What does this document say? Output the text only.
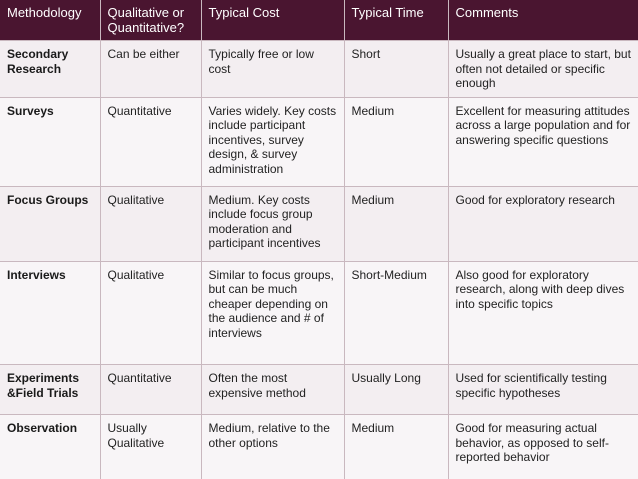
Methodology	Qualitative or Quantitative?	Typical Cost	Typical Time	Comments
Secondary Research	Can be either	Typically free or low cost	Short	Usually a great place to start, but often not detailed or specific enough
Surveys	Quantitative	Varies widely. Key costs include participant incentives, survey design, & survey administration	Medium	Excellent for measuring attitudes across a large population and for answering specific questions
Focus Groups	Qualitative	Medium. Key costs include focus group moderation and participant incentives	Medium	Good for exploratory research
Interviews	Qualitative	Similar to focus groups, but can be much cheaper depending on the audience and # of interviews	Short-Medium	Also good for exploratory research, along with deep dives into specific topics
Experiments &Field Trials	Quantitative	Often the most expensive method	Usually Long	Used for scientifically testing specific hypotheses
Observation	Usually Qualitative	Medium, relative to the other options	Medium	Good for measuring actual behavior, as opposed to self-reported behavior
